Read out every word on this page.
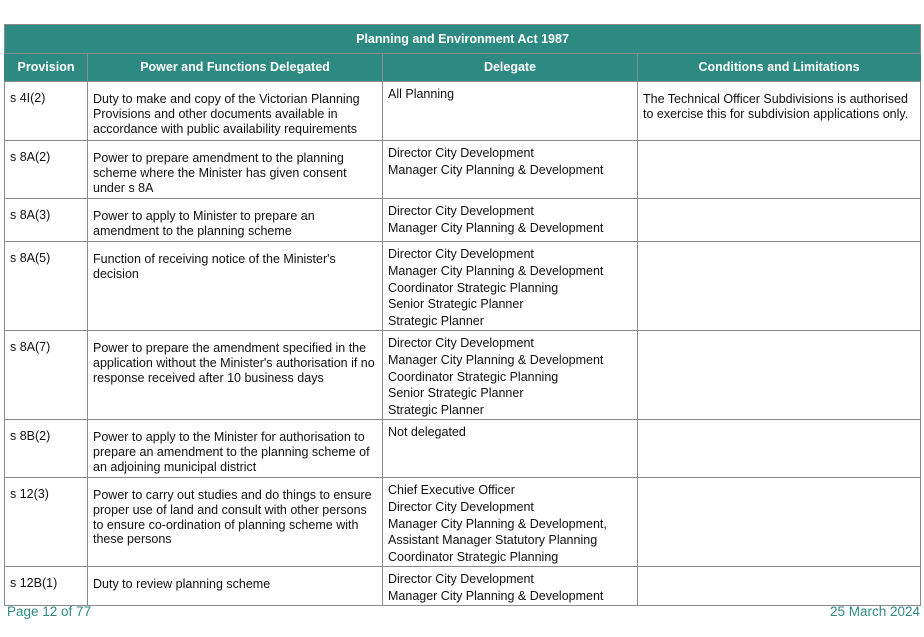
Planning and Environment Act 1987			
Provision	Power and Functions Delegated	Delegate	Conditions and Limitations
s 4I(2)	Duty to make and copy of the Victorian Planning Provisions and other documents available in accordance with public availability requirements	All Planning	The Technical Officer Subdivisions is authorised to exercise this for subdivision applications only.
s 8A(2)	Power to prepare amendment to the planning scheme where the Minister has given consent under s 8A	Director City Development
Manager City Planning & Development	

s 8A(3)	Power to apply to Minister to prepare an amendment to the planning scheme	Director City Development
Manager City Planning & Development	

s 8A(5)	Function of receiving notice of the Minister's decision	Director City Development
Manager City Planning & Development
Coordinator Strategic Planning
Senior Strategic Planner
Strategic Planner	

s 8A(7)	Power to prepare the amendment specified in the application without the Minister's authorisation if no response received after 10 business days	Director City Development
Manager City Planning & Development
Coordinator Strategic Planning
Senior Strategic Planner
Strategic Planner	

s 8B(2)	Power to apply to the Minister for authorisation to prepare an amendment to the planning scheme of an adjoining municipal district	Not delegated	

s 12(3)	Power to carry out studies and do things to ensure proper use of land and consult with other persons to ensure co-ordination of planning scheme with these persons	Chief Executive Officer
Director City Development
Manager City Planning & Development,
Assistant Manager Statutory Planning
Coordinator Strategic Planning	

s 12B(1)	Duty to review planning scheme	Director City Development
Manager City Planning & Development	

Page 12 of 77	25 March 2024
